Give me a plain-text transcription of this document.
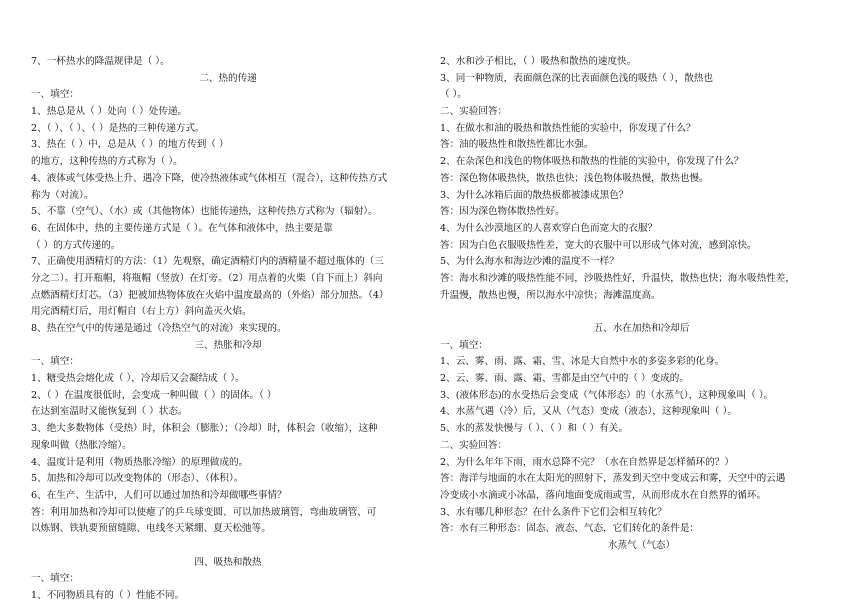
7、一杯热水的降温规律是（ ）。
二、热的传递
一、填空：
1、热总是从（ ）处向（ ）处传递。
2、（ ）、（ ）、（ ）是热的三种传递方式。
3、热在（ ）中，总是从（ ）的地方传到（ ）
的地方，这种传热的方式称为（ ）。
4、液体或气体受热上升、遇冷下降，使冷热液体或气体相互（混合），这种传热方式
称为（对流）。
5、不靠（空气）、（水）或（其他物体）也能传递热，这种传热方式称为（辐射）。
6、在固体中，热的主要传递方式是（ ）。在气体和液体中，热主要是靠
（ ）的方式传递的。
7、正确使用酒精灯的方法：（1）先观察，确定酒精灯内的酒精量不超过瓶体的（三
分之二）。打开瓶帽，将瓶帽（竖放）在灯旁。（2）用点着的火柴（自下而上）斜向
点燃酒精灯灯芯。（3）把被加热物体放在火焰中温度最高的（外焰）部分加热。（4）
用完酒精灯后，用灯帽自（右上方）斜向盖灭火焰。
8、热在空气中的传递是通过（冷热空气的对流）来实现的。
三、热胀和冷却
一、填空：
1、糖受热会熔化成（ ），冷却后又会凝结成（ ）。
2、（ ）在温度很低时，会变成一种叫做（ ）的固体。（ ）
在达到室温时又能恢复到（ ）状态。
3、绝大多数物体（受热）时，体积会（膨胀）；（冷却）时，体积会（收缩），这种
现象叫做（热胀冷缩）。
4、温度计是利用（物质热胀冷缩）的原理做成的。
5、加热和冷却可以改变物体的（形态）、（体积）。
6、在生产、生活中，人们可以通过加热和冷却做哪些事情？
答：利用加热和冷却可以使瘪了的乒乓球变圆、可以加热玻璃管，弯曲玻璃管、可
以炼钢、铁轨要预留缝隙、电线冬天紧绷、夏天松弛等。
四、吸热和散热
一、填空：
1、不同物质具有的（ ）性能不同。
2、水和沙子相比，（ ）吸热和散热的速度快。
3、同一种物质，表面颜色深的比表面颜色浅的吸热（ ），散热也
（ ）。
二、实验回答：
1、在做水和油的吸热和散热性能的实验中，你发现了什么？
答：油的吸热性和散热性都比水强。
2、在杂深色和浅色的物体吸热和散热的性能的实验中，你发现了什么？
答：深色物体吸热快，散热也快；浅色物体吸热慢，散热也慢。
3、为什么冰箱后面的散热板都被漆成黑色？
答：因为深色物体散热性好。
4、为什么沙漠地区的人喜欢穿白色而宽大的衣服？
答：因为白色衣服吸热性差，宽大的衣服中可以形成气体对流，感到凉快。
5、为什么海水和海边沙滩的温度不一样？
答：海水和沙滩的吸热性能不同，沙吸热性好，升温快，散热也快；海水吸热性差，
升温慢，散热也慢，所以海水中凉快；海滩温度高。
五、水在加热和冷却后
一、填空：
1、云、雾、雨、露、霜、雪、冰是大自然中水的多姿多彩的化身。
2、云、雾、雨、露、霜、雪都是由空气中的（ ）变成的。
3、(液体形态)的水受热后会变成（气体形态）的（水蒸气），这种现象叫（ ）。
4、水蒸气遇（冷）后，又从（气态）变成（液态），这种现象叫（ ）。
5、水的蒸发快慢与（ ）、（ ）和（ ）有关。
二、实验回答：
2、为什么年年下雨，雨水总降不完？（水在自然界是怎样循环的？）
答：海洋与地面的水在太阳光的照射下，蒸发到天空中变成云和雾，天空中的云遇
冷变成小水滴或小冰晶，落向地面变成雨或雪，从而形成水在自然界的循环。
3、水有哪几种形态？在什么条件下它们会相互转化？
答：水有三种形态：固态、液态、气态，它们转化的条件是：
水蒸气（气态）
